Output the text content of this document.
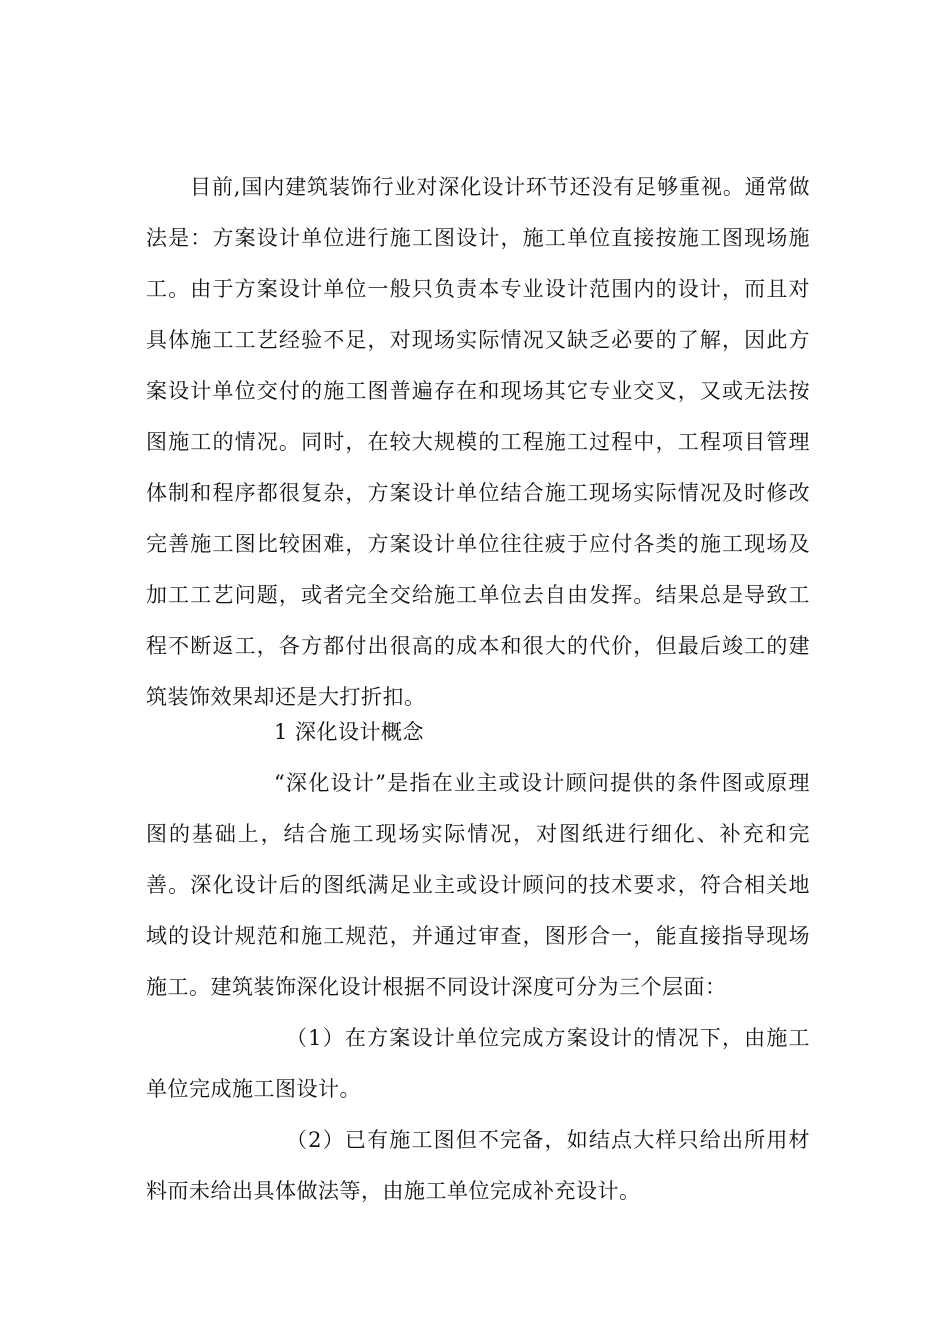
目前,国内建筑装饰行业对深化设计环节还没有足够重视。通常做法是：方案设计单位进行施工图设计，施工单位直接按施工图现场施工。由于方案设计单位一般只负责本专业设计范围内的设计，而且对具体施工工艺经验不足，对现场实际情况又缺乏必要的了解，因此方案设计单位交付的施工图普遍存在和现场其它专业交叉，又或无法按图施工的情况。同时，在较大规模的工程施工过程中，工程项目管理体制和程序都很复杂，方案设计单位结合施工现场实际情况及时修改完善施工图比较困难，方案设计单位往往疲于应付各类的施工现场及加工工艺问题，或者完全交给施工单位去自由发挥。结果总是导致工程不断返工，各方都付出很高的成本和很大的代价，但最后竣工的建筑装饰效果却还是大打折扣。

1 深化设计概念

“深化设计”是指在业主或设计顾问提供的条件图或原理图的基础上，结合施工现场实际情况，对图纸进行细化、补充和完善。深化设计后的图纸满足业主或设计顾问的技术要求，符合相关地域的设计规范和施工规范，并通过审查，图形合一，能直接指导现场施工。建筑装饰深化设计根据不同设计深度可分为三个层面：

（1）在方案设计单位完成方案设计的情况下，由施工单位完成施工图设计。

（2）已有施工图但不完备，如结点大样只给出所用材料而未给出具体做法等，由施工单位完成补充设计。
